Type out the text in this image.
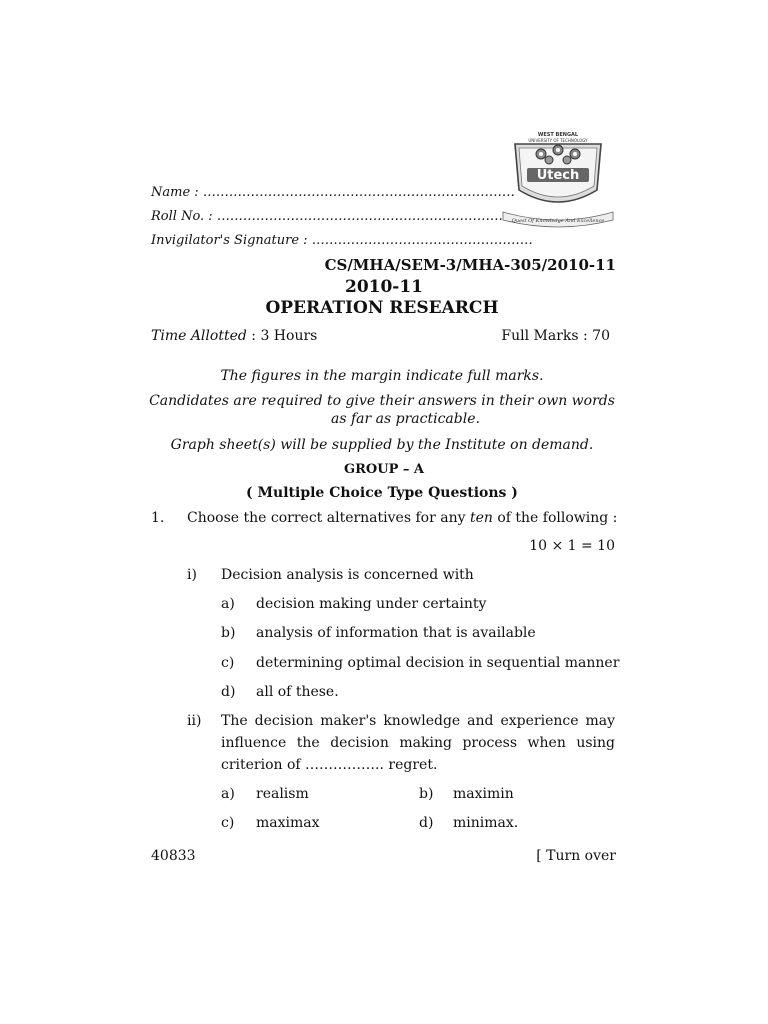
WEST BENGAL
UNIVERSITY OF TECHNOLOGY
Utech
Quest Of Knowledge And Excellence
Name : ………………………………………………………………
Roll No. : …………………………………………………………
Invigilator's Signature : ……………………………………………
CS/MHA/SEM-3/MHA-305/2010-11
2010-11
OPERATION RESEARCH
Time Allotted : 3 Hours	Full Marks : 70
The figures in the margin indicate full marks.
Candidates are required to give their answers in their own words
as far as practicable.
Graph sheet(s) will be supplied by the Institute on demand.
GROUP – A
( Multiple Choice Type Questions )
1. Choose the correct alternatives for any ten of the following :
10 × 1 = 10
i) Decision analysis is concerned with
a) decision making under certainty
b) analysis of information that is available
c) determining optimal decision in sequential manner
d) all of these.
ii) The decision maker's knowledge and experience may
influence the decision making process when using
criterion of …………….. regret.
a) realism	b) maximin
c) maximax	d) minimax.
40833	[ Turn over
